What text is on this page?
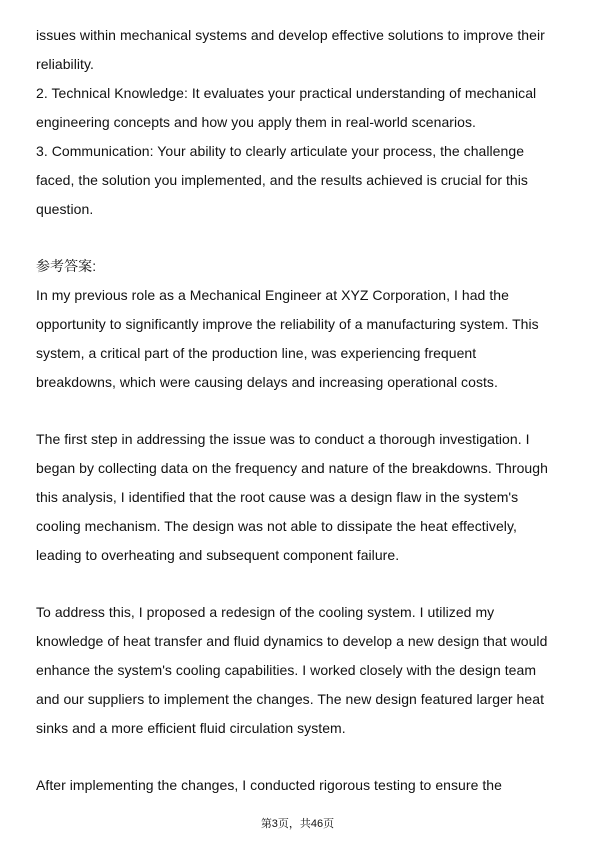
issues within mechanical systems and develop effective solutions to improve their
reliability.
2. Technical Knowledge: It evaluates your practical understanding of mechanical
engineering concepts and how you apply them in real-world scenarios.
3. Communication: Your ability to clearly articulate your process, the challenge
faced, the solution you implemented, and the results achieved is crucial for this
question.
参考答案:
In my previous role as a Mechanical Engineer at XYZ Corporation, I had the
opportunity to significantly improve the reliability of a manufacturing system. This
system, a critical part of the production line, was experiencing frequent
breakdowns, which were causing delays and increasing operational costs.
The first step in addressing the issue was to conduct a thorough investigation. I
began by collecting data on the frequency and nature of the breakdowns. Through
this analysis, I identified that the root cause was a design flaw in the system's
cooling mechanism. The design was not able to dissipate the heat effectively,
leading to overheating and subsequent component failure.
To address this, I proposed a redesign of the cooling system. I utilized my
knowledge of heat transfer and fluid dynamics to develop a new design that would
enhance the system's cooling capabilities. I worked closely with the design team
and our suppliers to implement the changes. The new design featured larger heat
sinks and a more efficient fluid circulation system.
After implementing the changes, I conducted rigorous testing to ensure the
第3页，共46页
